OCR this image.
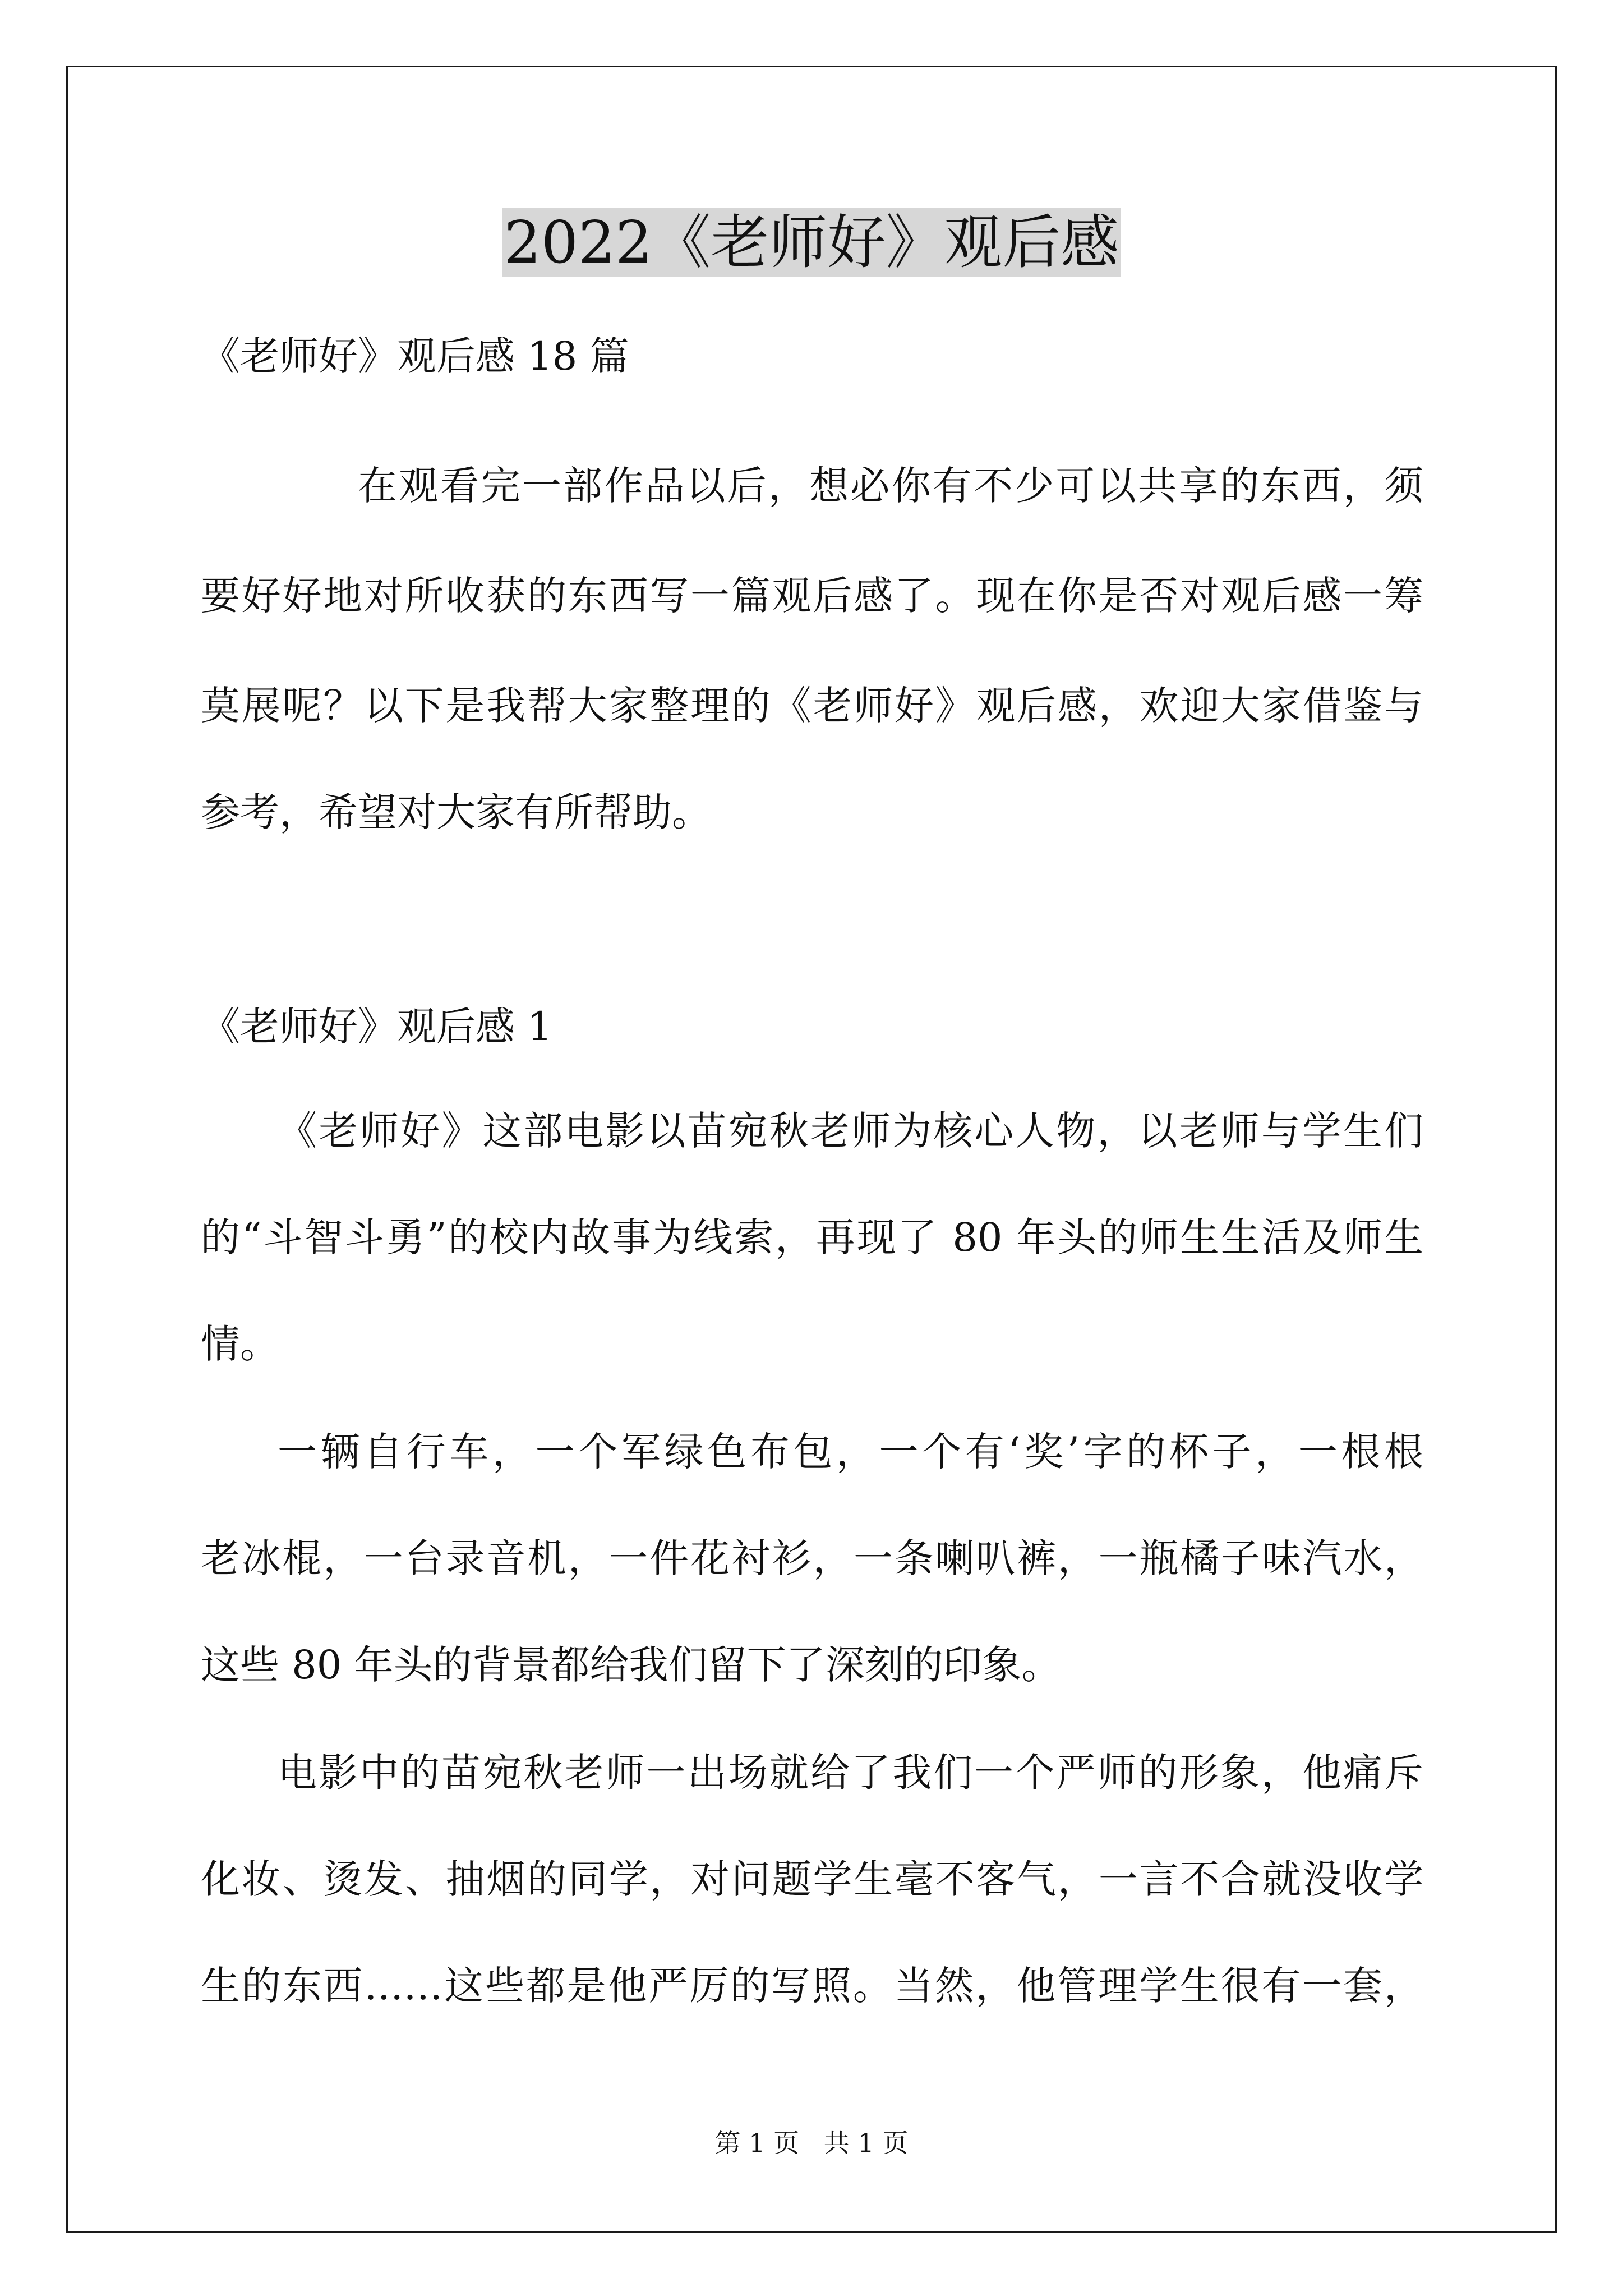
2022《老师好》观后感
《老师好》观后感 18 篇
在观看完一部作品以后，想必你有不少可以共享的东西，须
要好好地对所收获的东西写一篇观后感了。现在你是否对观后感一筹
莫展呢？以下是我帮大家整理的《老师好》观后感，欢迎大家借鉴与
参考，希望对大家有所帮助。
《老师好》观后感 1
《老师好》这部电影以苗宛秋老师为核心人物，以老师与学生们
的“斗智斗勇”的校内故事为线索，再现了 80 年头的师生生活及师生
情。
一辆自行车，一个军绿色布包，一个有‘奖’字的杯子，一根根
老冰棍，一台录音机，一件花衬衫，一条喇叭裤，一瓶橘子味汽水，
这些 80 年头的背景都给我们留下了深刻的印象。
电影中的苗宛秋老师一出场就给了我们一个严师的形象，他痛斥
化妆、烫发、抽烟的同学，对问题学生毫不客气，一言不合就没收学
生的东西……这些都是他严厉的写照。当然，他管理学生很有一套，
第 1 页   共 1 页
